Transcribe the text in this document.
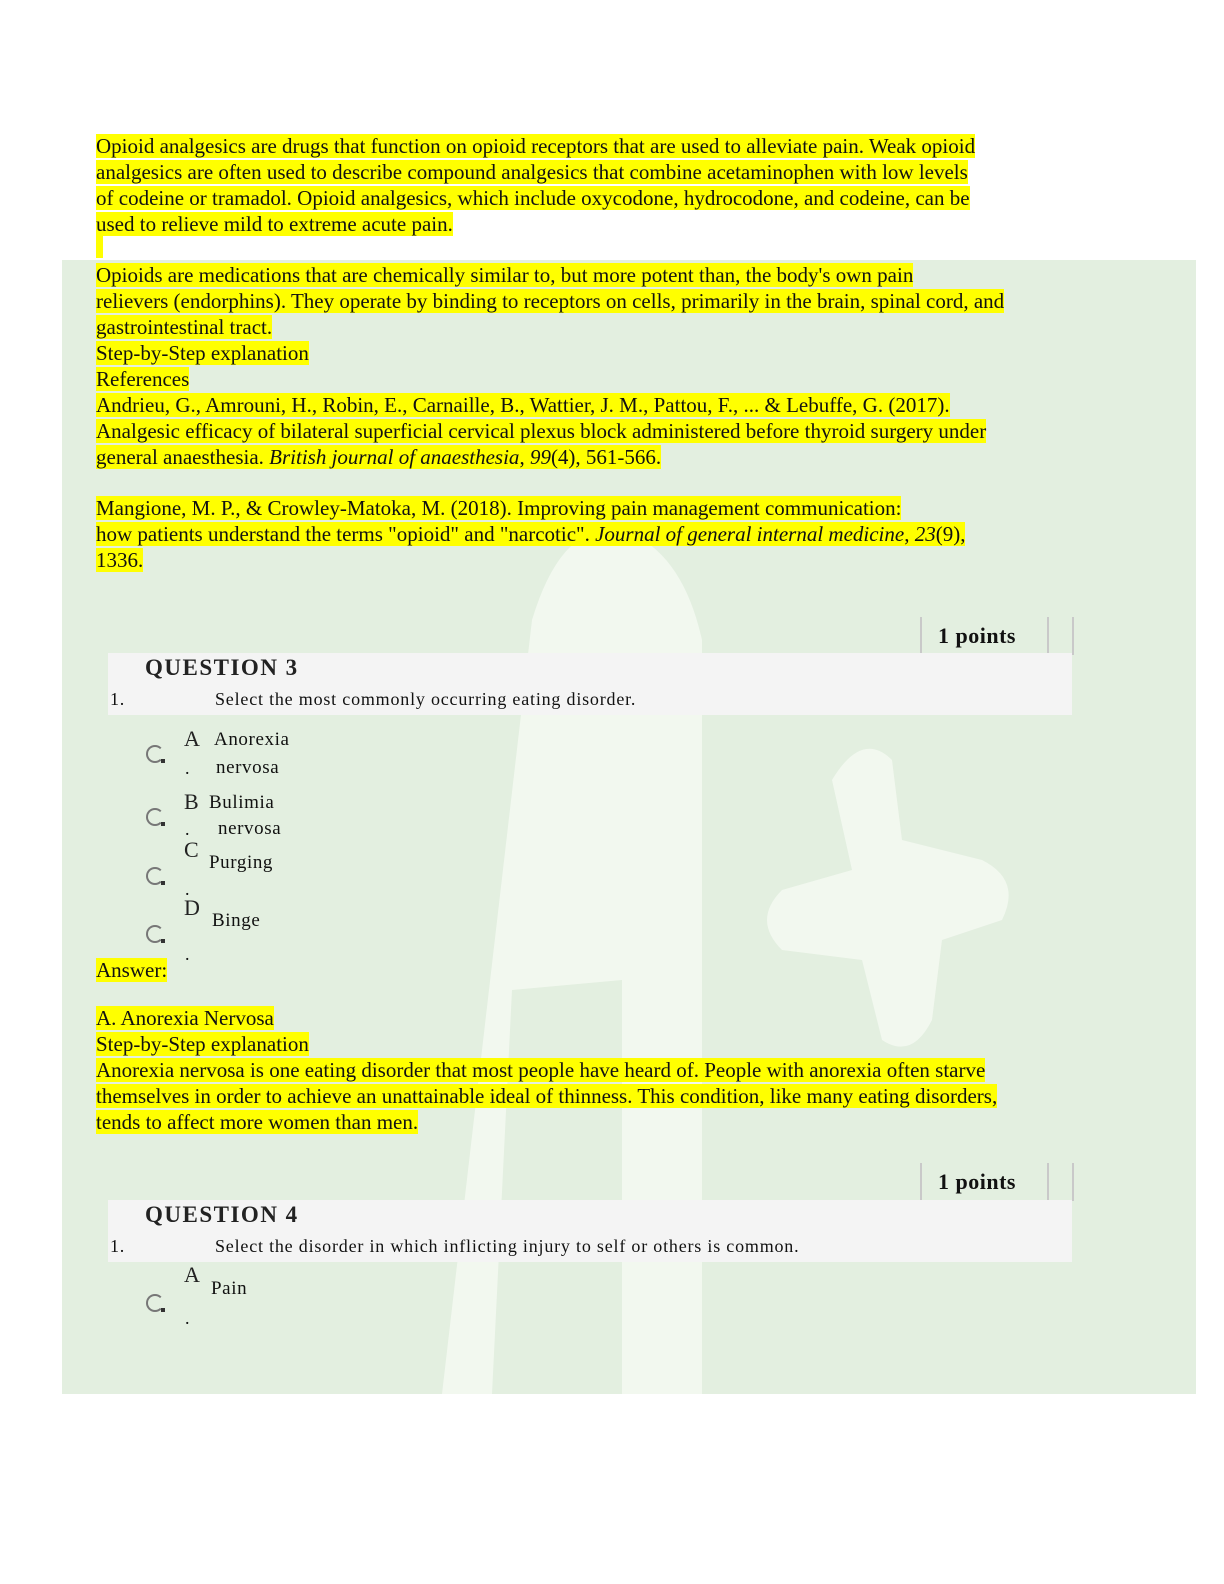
Opioid analgesics are drugs that function on opioid receptors that are used to alleviate pain. Weak opioid
analgesics are often used to describe compound analgesics that combine acetaminophen with low levels
of codeine or tramadol. Opioid analgesics, which include oxycodone, hydrocodone, and codeine, can be
used to relieve mild to extreme acute pain.
Opioids are medications that are chemically similar to, but more potent than, the body's own pain
relievers (endorphins). They operate by binding to receptors on cells, primarily in the brain, spinal cord, and
gastrointestinal tract.
Step-by-Step explanation
References
Andrieu, G., Amrouni, H., Robin, E., Carnaille, B., Wattier, J. M., Pattou, F., ... & Lebuffe, G. (2017).
Analgesic efficacy of bilateral superficial cervical plexus block administered before thyroid surgery under
general anaesthesia. British journal of anaesthesia, 99(4), 561-566.
Mangione, M. P., & Crowley-Matoka, M. (2018). Improving pain management communication:
how patients understand the terms "opioid" and "narcotic". Journal of general internal medicine, 23(9),
1336.
1 points
QUESTION 3
1.	Select the most commonly occurring eating disorder.
A
.
Anorexia
nervosa
B
.
Bulimia
nervosa
C
.
Purging
D
.
Binge
Answer:
A. Anorexia Nervosa
Step-by-Step explanation
Anorexia nervosa is one eating disorder that most people have heard of. People with anorexia often starve
themselves in order to achieve an unattainable ideal of thinness. This condition, like many eating disorders,
tends to affect more women than men.
1 points
QUESTION 4
1.	Select the disorder in which inflicting injury to self or others is common.
A
.
Pain
